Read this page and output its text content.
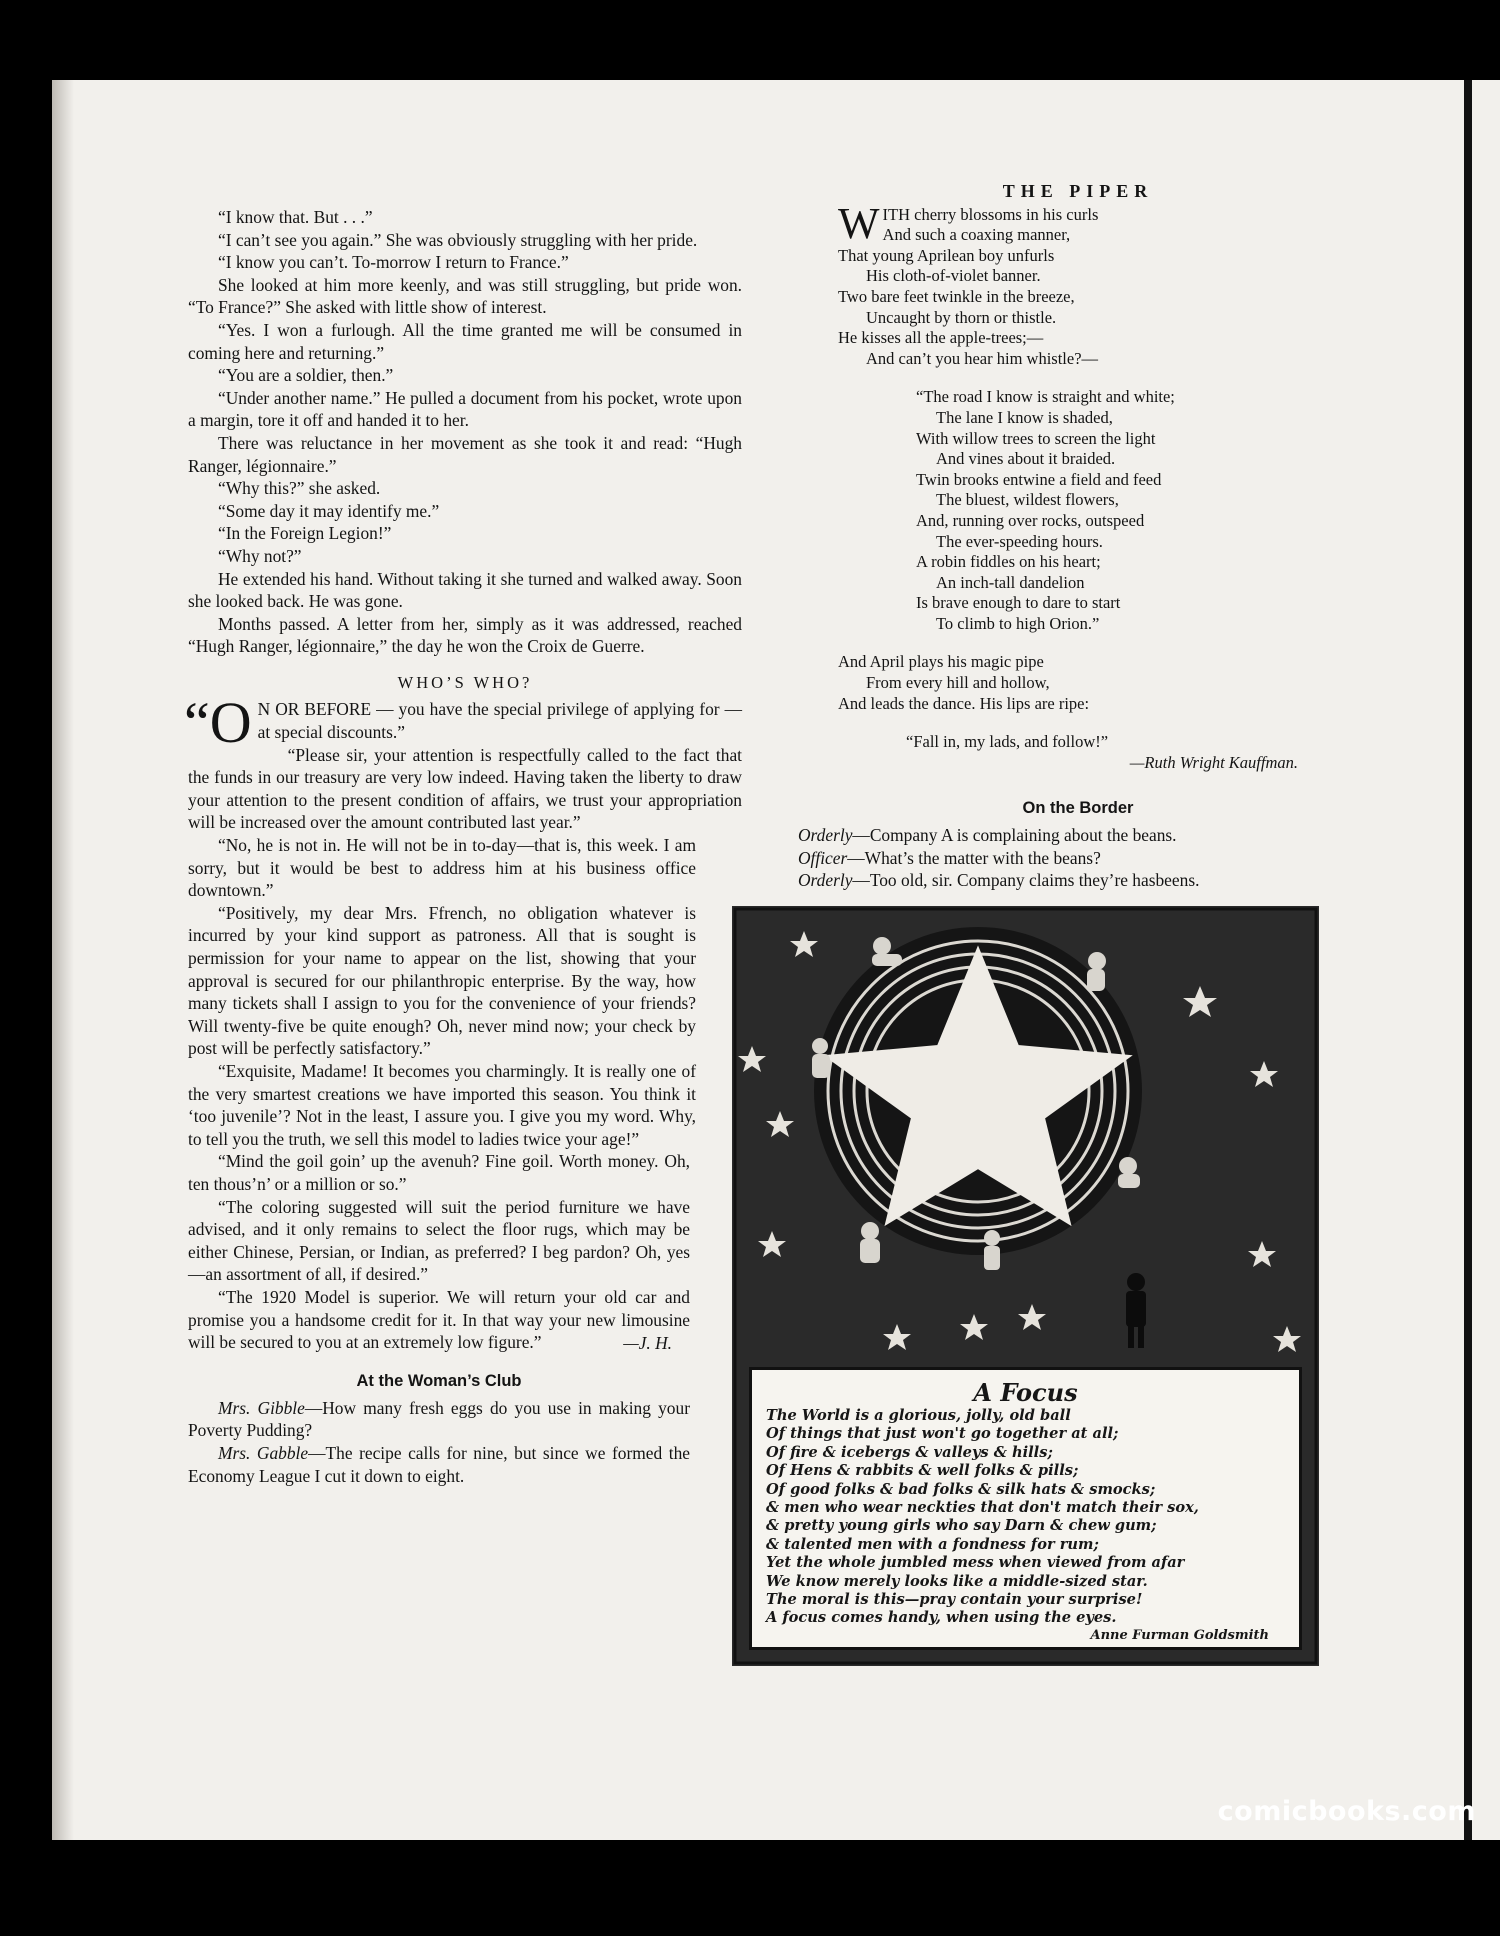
“I know that. But . . .”

“I can’t see you again.” She was obviously struggling with her pride.

“I know you can’t. To-morrow I return to France.”

She looked at him more keenly, and was still struggling, but pride won. “To France?” She asked with little show of interest.

“Yes. I won a furlough. All the time granted me will be consumed in coming here and returning.”

“You are a soldier, then.”

“Under another name.” He pulled a document from his pocket, wrote upon a margin, tore it off and handed it to her.

There was reluctance in her movement as she took it and read: “Hugh Ranger, légionnaire.”

“Why this?” she asked.

“Some day it may identify me.”

“In the Foreign Legion!”

“Why not?”

He extended his hand. Without taking it she turned and walked away. Soon she looked back. He was gone.

Months passed. A letter from her, simply as it was addressed, reached “Hugh Ranger, légionnaire,” the day he won the Croix de Guerre.

WHO’S WHO?
“O N OR BEFORE — you have the special privilege of applying for — at special discounts.”

“Please sir, your attention is respectfully called to the fact that the funds in our treasury are very low indeed. Having taken the liberty to draw your attention to the present condition of affairs, we trust your appropriation will be increased over the amount contributed last year.”

“No, he is not in. He will not be in to-day—that is, this week. I am sorry, but it would be best to address him at his business office downtown.”

“Positively, my dear Mrs. Ffrench, no obligation whatever is incurred by your kind support as patroness. All that is sought is permission for your name to appear on the list, showing that your approval is secured for our philanthropic enterprise. By the way, how many tickets shall I assign to you for the convenience of your friends? Will twenty-five be quite enough? Oh, never mind now; your check by post will be perfectly satisfactory.”

“Exquisite, Madame! It becomes you charmingly. It is really one of the very smartest creations we have imported this season. You think it ‘too juvenile’? Not in the least, I assure you. I give you my word. Why, to tell you the truth, we sell this model to ladies twice your age!”

“Mind the goil goin’ up the avenuh? Fine goil. Worth money. Oh, ten thous’n’ or a million or so.”

“The coloring suggested will suit the period furniture we have advised, and it only remains to select the floor rugs, which may be either Chinese, Persian, or Indian, as preferred? I beg pardon? Oh, yes—an assortment of all, if desired.”

“The 1920 Model is superior. We will return your old car and promise you a handsome credit for it. In that way your new limousine will be secured to you at an extremely low figure.”	—J. H.
At the Woman’s Club

Mrs. Gibble—How many fresh eggs do you use in making your Poverty Pudding?

Mrs. Gabble—The recipe calls for nine, but since we formed the Economy League I cut it down to eight.

THE PIPER
W ITH cherry blossoms in his curls
And such a coaxing manner,
That young Aprilean boy unfurls
His cloth-of-violet banner.
Two bare feet twinkle in the breeze,
Uncaught by thorn or thistle.
He kisses all the apple-trees;—
And can’t you hear him whistle?—
“The road I know is straight and white;
The lane I know is shaded,
With willow trees to screen the light
And vines about it braided.
Twin brooks entwine a field and feed
The bluest, wildest flowers,
And, running over rocks, outspeed
The ever-speeding hours.
A robin fiddles on his heart;
An inch-tall dandelion
Is brave enough to dare to start
To climb to high Orion.”
And April plays his magic pipe
From every hill and hollow,
And leads the dance. His lips are ripe:
“Fall in, my lads, and follow!”
—Ruth Wright Kauffman.
On the Border
Orderly—Company A is complaining about the beans.
Officer—What’s the matter with the beans?
Orderly—Too old, sir. Company claims they’re hasbeens.
A Focus
The World is a glorious, jolly, old ball
Of things that just won't go together at all;
Of fire & icebergs & valleys & hills;
Of Hens & rabbits & well folks & pills;
Of good folks & bad folks & silk hats & smocks;
& men who wear neckties that don't match their sox,
& pretty young girls who say Darn & chew gum;
& talented men with a fondness for rum;
Yet the whole jumbled mess when viewed from afar
We know merely looks like a middle-sized star.
The moral is this—pray contain your surprise!
A focus comes handy, when using the eyes.
Anne Furman Goldsmith
comicbooks.com
